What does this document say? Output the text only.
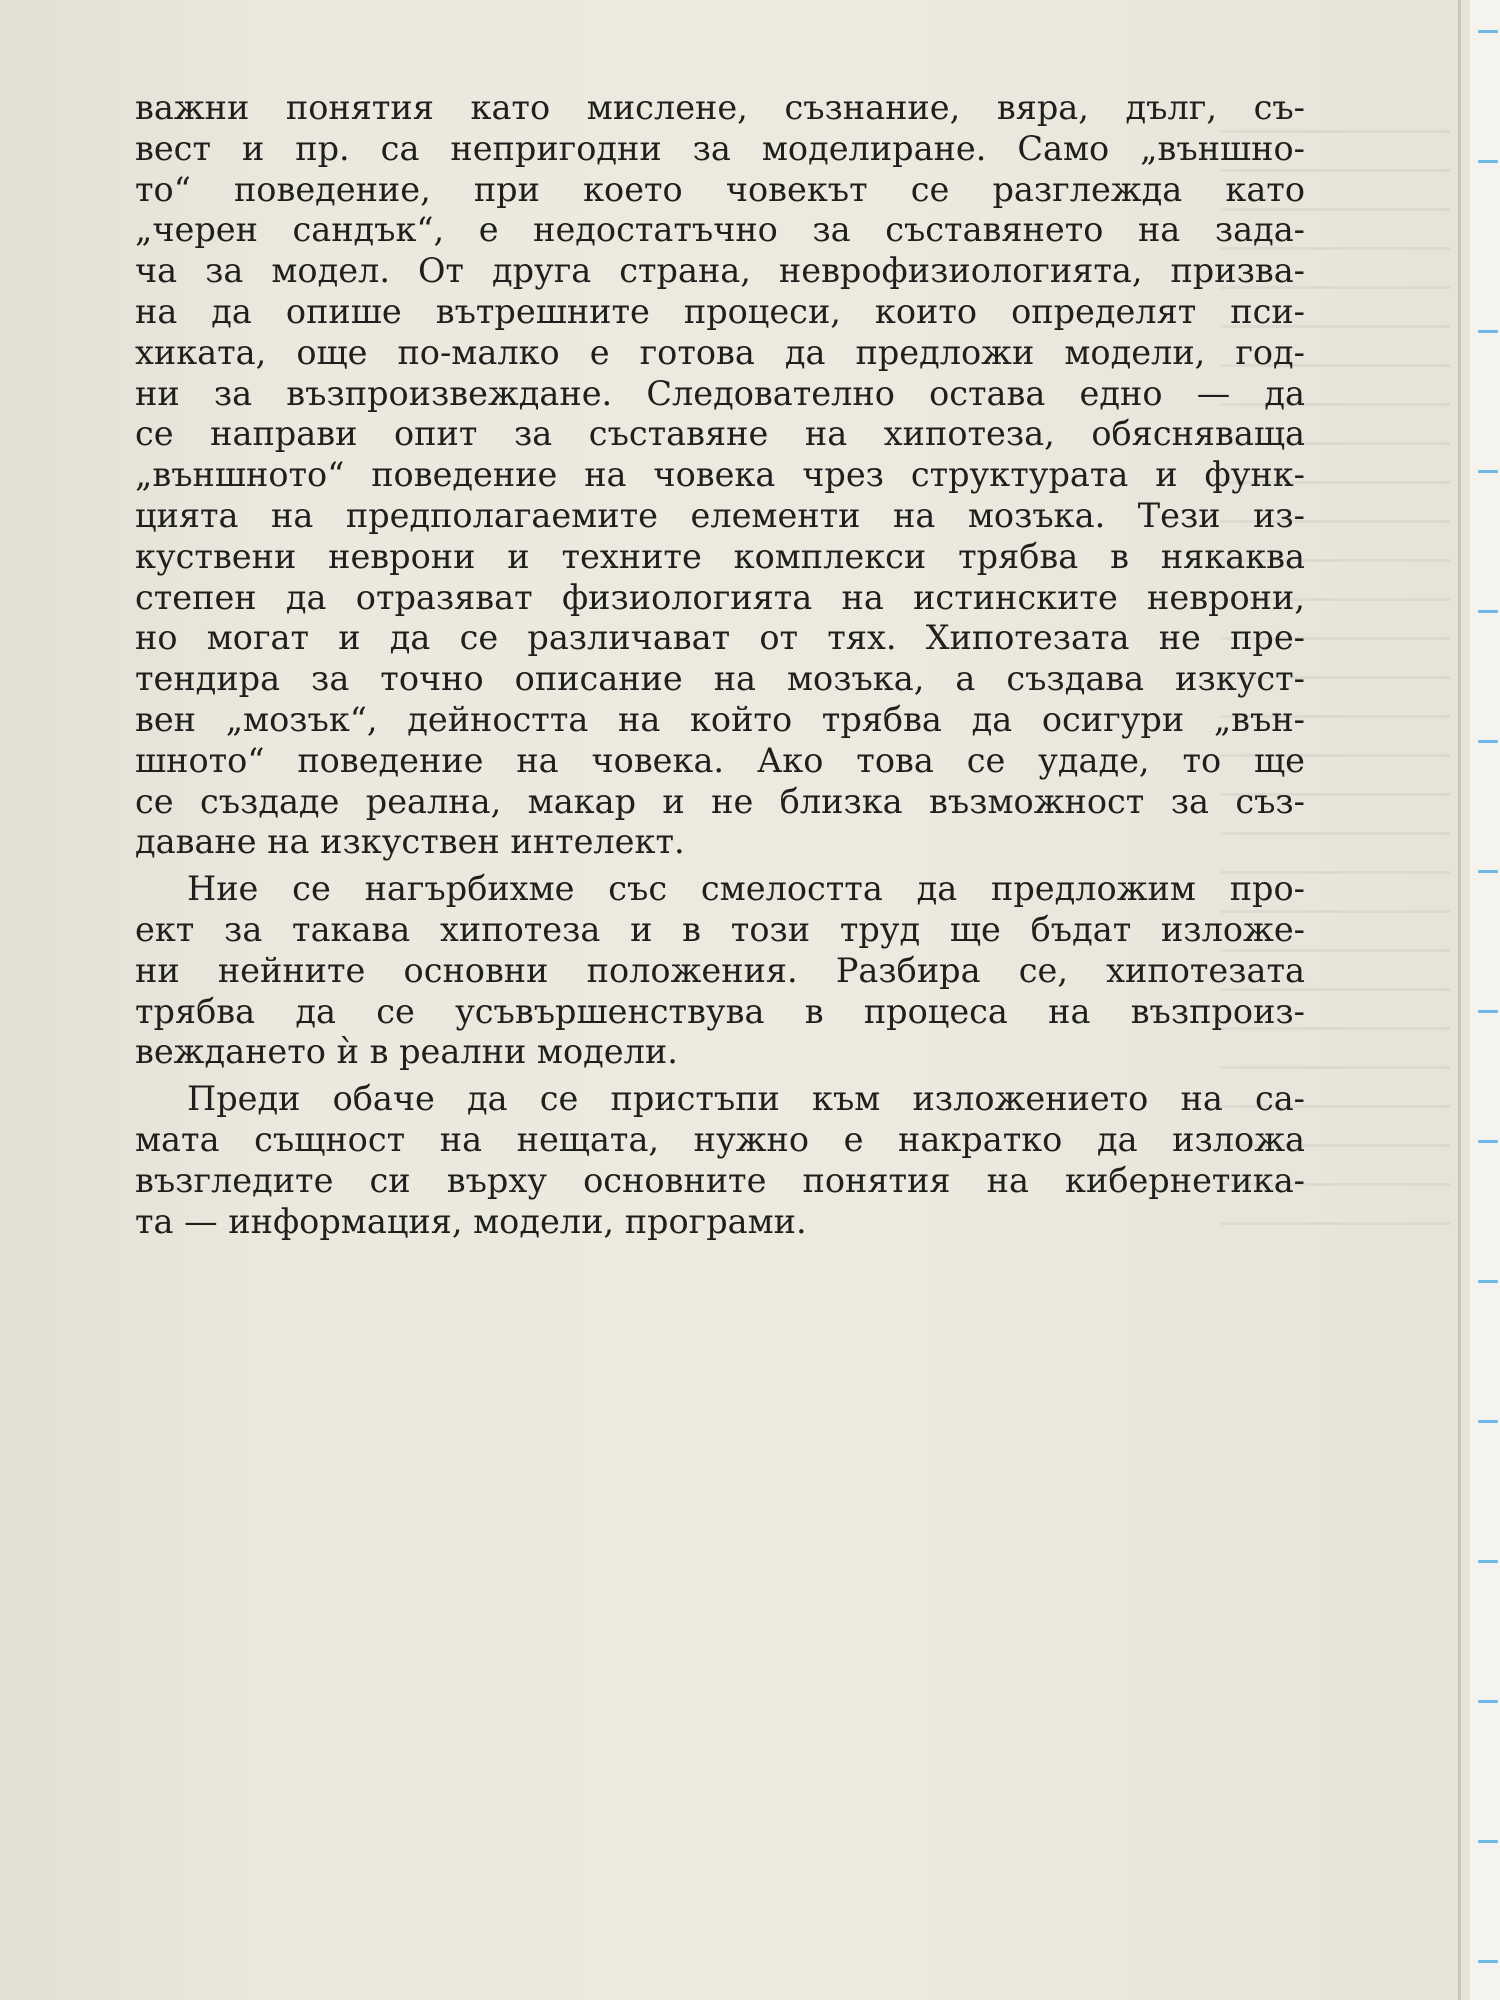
важни понятия като мислене, съзнание, вяра, дълг, съ-
вест и пр. са непригодни за моделиране. Само „външно-
то“ поведение, при което човекът се разглежда като
„черен сандък“, е недостатъчно за съставянето на зада-
ча за модел. От друга страна, неврофизиологията, призва-
на да опише вътрешните процеси, които определят пси-
хиката, още по-малко е готова да предложи модели, год-
ни за възпроизвеждане. Следователно остава едно — да
се направи опит за съставяне на хипотеза, обясняваща
„външното“ поведение на човека чрез структурата и функ-
цията на предполагаемите елементи на мозъка. Тези из-
куствени неврони и техните комплекси трябва в някаква
степен да отразяват физиологията на истинските неврони,
но могат и да се различават от тях. Хипотезата не пре-
тендира за точно описание на мозъка, а създава изкуст-
вен „мозък“, дейността на който трябва да осигури „вън-
шното“ поведение на човека. Ако това се удаде, то ще
се създаде реална, макар и не близка възможност за съз-
даване на изкуствен интелект.

Ние се нагърбихме със смелостта да предложим про-
ект за такава хипотеза и в този труд ще бъдат изложе-
ни нейните основни положения. Разбира се, хипотезата
трябва да се усъвършенствува в процеса на възпроиз-
веждането ѝ в реални модели.

Преди обаче да се пристъпи към изложението на са-
мата същност на нещата, нужно е накратко да изложа
възгледите си върху основните понятия на кибернетика-
та — информация, модели, програми.
